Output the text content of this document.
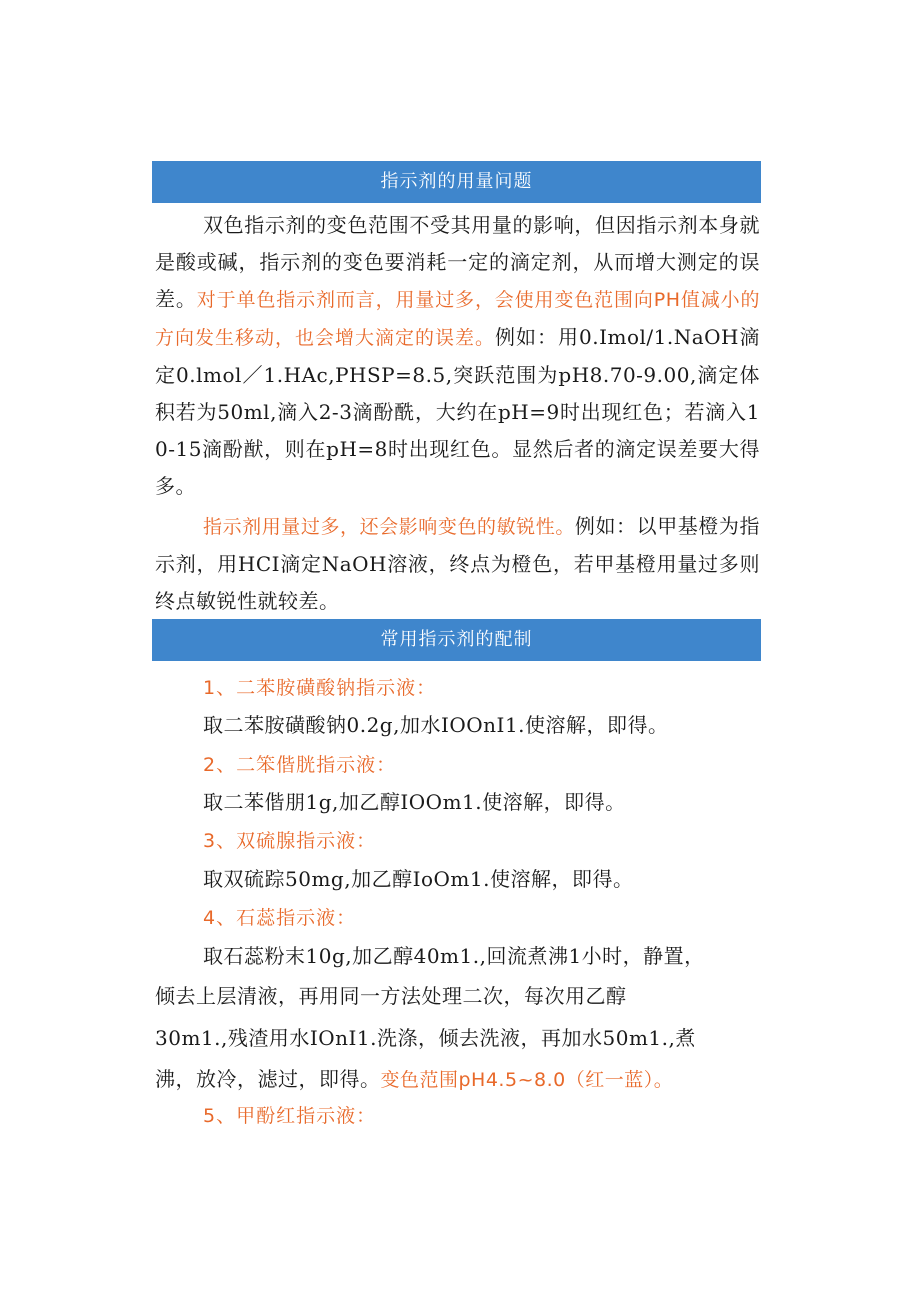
指示剂的用量问题
双色指示剂的变色范围不受其用量的影响，但因指示剂本身就是酸或碱，指示剂的变色要消耗一定的滴定剂，从而增大测定的误差。对于单色指示剂而言，用量过多，会使用变色范围向PH值减小的方向发生移动，也会增大滴定的误差。例如：用0.Imol/1.NaOH滴定0.lmol／1.HAc,PHSP=8.5,突跃范围为pH8.70-9.00,滴定体积若为50ml,滴入2-3滴酚酰，大约在pH=9时出现红色；若滴入10-15滴酚猷，则在pH=8时出现红色。显然后者的滴定误差要大得多。
指示剂用量过多，还会影响变色的敏锐性。例如：以甲基橙为指示剂，用HCI滴定NaOH溶液，终点为橙色，若甲基橙用量过多则终点敏锐性就较差。
常用指示剂的配制
1、二苯胺磺酸钠指示液：
取二苯胺磺酸钠0.2g,加水IOOnI1.使溶解，即得。
2、二笨偕胱指示液：
取二苯偕朋1g,加乙醇IOOm1.使溶解，即得。
3、双硫腺指示液：
取双硫踪50mg,加乙醇IoOm1.使溶解，即得。
4、石蕊指示液：
取石蕊粉末10g,加乙醇40m1.,回流煮沸1小时，静置，
倾去上层清液，再用同一方法处理二次，每次用乙醇
30m1.,残渣用水IOnI1.洗涤，倾去洗液，再加水50m1.,煮
沸，放冷，滤过，即得。变色范围pH4.5~8.0（红一蓝）。
5、甲酚红指示液：
